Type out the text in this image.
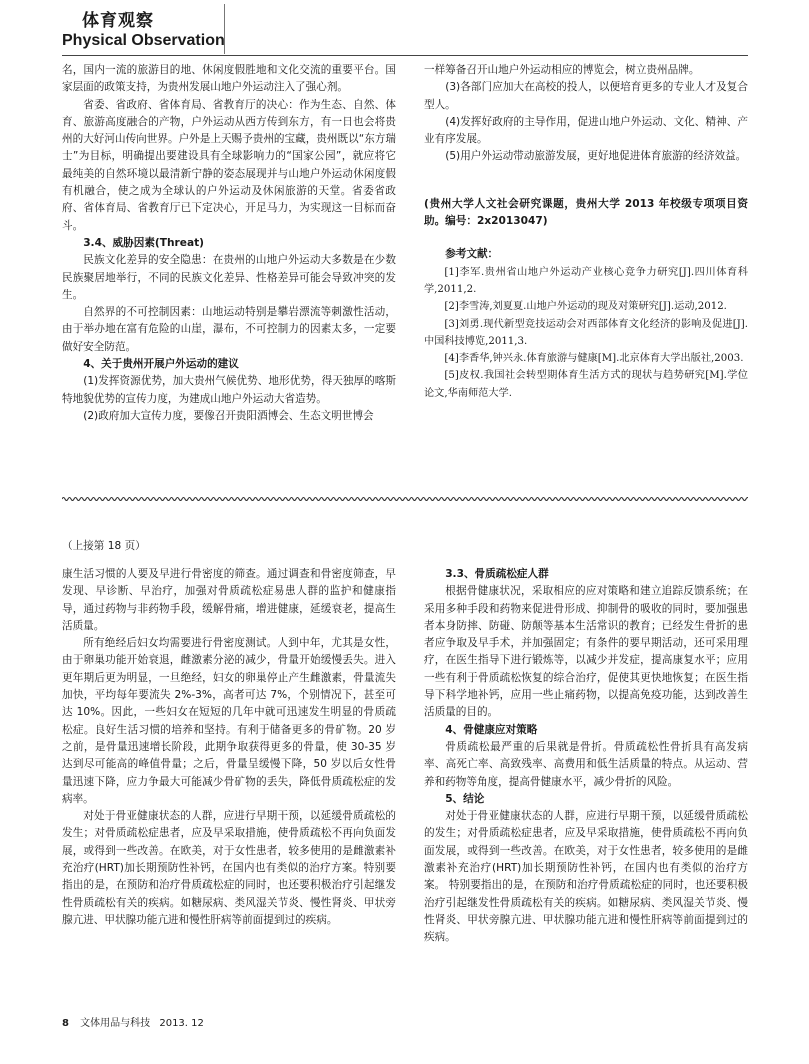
体育观察
Physical Observation

名，国内一流的旅游目的地、休闲度假胜地和文化交流的重要平台。国家层面的政策支持，为贵州发展山地户外运动注入了强心剂。

省委、省政府、省体育局、省教育厅的决心：作为生态、自然、体育、旅游高度融合的产物，户外运动从西方传到东方，有一日也会将贵州的大好河山传向世界。户外是上天赐予贵州的宝藏，贵州既以“东方瑞士”为目标，明确提出要建设具有全球影响力的“国家公园”，就应将它最纯美的自然环境以最清新宁静的姿态展现并与山地户外运动休闲度假有机融合，使之成为全球认的户外运动及休闲旅游的天堂。省委省政府、省体育局、省教育厅已下定决心，开足马力，为实现这一目标而奋斗。

3.4、威胁因素(Threat)

民族文化差异的安全隐患：在贵州的山地户外运动大多数是在少数民族聚居地举行，不同的民族文化差异、性格差异可能会导致冲突的发生。

自然界的不可控制因素：山地运动特别是攀岩漂流等刺激性活动，由于举办地在富有危险的山崖，瀑布，不可控制力的因素太多，一定要做好安全防范。

4、关于贵州开展户外运动的建议

(1)发挥资源优势，加大贵州气候优势、地形优势，得天独厚的喀斯特地貌优势的宣传力度，为建成山地户外运动大省造势。

(2)政府加大宣传力度，要像召开贵阳酒博会、生态文明世博会

一样筹备召开山地户外运动相应的博览会，树立贵州品牌。

(3)各部门应加大在高校的投人，以便培育更多的专业人才及复合型人。

(4)发挥好政府的主导作用，促进山地户外运动、文化、精神、产业有序发展。

(5)用户外运动带动旅游发展，更好地促进体育旅游的经济效益。

(贵州大学人文社会研究课题，贵州大学 2013 年校级专项项目资助。编号：2x2013047)

参考文献：

[1]李军.贵州省山地户外运动产业核心竞争力研究[J].四川体育科学,2011,2.

[2]李雪涛,刘夏夏.山地户外运动的现及对策研究[J].运动,2012.

[3]刘勇.现代新型竞技运动会对西部体育文化经济的影响及促进[J].中国科技博览,2011,3.

[4]李香华,钟兴永.体育旅游与健康[M].北京体育大学出版社,2003.

[5]皮权.我国社会转型期体育生活方式的现状与趋势研究[M].学位论文,华南师范大学.

（上接第 18 页）

康生活习惯的人要及早进行骨密度的筛查。通过调查和骨密度筛查，早发现、早诊断、早治疗，加强对骨质疏松症易患人群的监护和健康指导，通过药物与非药物手段，缓解骨痛，增进健康，延缓衰老，提高生活质量。

所有绝经后妇女均需要进行骨密度测试。人到中年，尤其是女性，由于卵巢功能开始衰退，雌激素分泌的减少，骨量开始缓慢丢失。进入更年期后更为明显，一旦绝经，妇女的卵巢停止产生雌激素，骨量流失加快，平均每年要流失 2%-3%，高者可达 7%，个别情况下，甚至可达 10%。因此，一些妇女在短短的几年中就可迅速发生明显的骨质疏松症。良好生活习惯的培养和坚持。有利于储备更多的骨矿物。20 岁之前，是骨量迅速增长阶段，此期争取获得更多的骨量，使 30-35 岁达到尽可能高的峰值骨量；之后，骨量呈缓慢下降，50 岁以后女性骨量迅速下降，应力争最大可能减少骨矿物的丢失，降低骨质疏松症的发病率。

对处于骨亚健康状态的人群，应进行早期干预，以延缓骨质疏松的发生；对骨质疏松症患者，应及早采取措施，使骨质疏松不再向负面发展，或得到一些改善。在欧美，对于女性患者，较多使用的是雌激素补充治疗(HRT)加长期预防性补钙，在国内也有类似的治疗方案。特别要指出的是，在预防和治疗骨质疏松症的同时，也还要积极治疗引起继发性骨质疏松有关的疾病。如糖尿病、类风湿关节炎、慢性肾炎、甲状旁腺亢进、甲状腺功能亢进和慢性肝病等前面提到过的疾病。

3.3、骨质疏松症人群

根据骨健康状况，采取相应的应对策略和建立追踪反馈系统；在采用多种手段和药物来促进骨形成、抑制骨的吸收的同时，要加强患者本身防摔、防碰、防颠等基本生活常识的教育；已经发生骨折的患者应争取及早手术，并加强固定；有条件的要早期活动，还可采用理疗，在医生指导下进行锻炼等，以减少并发症，提高康复水平；应用一些有利于骨质疏松恢复的综合治疗，促使其更快地恢复；在医生指导下科学地补钙，应用一些止痛药物，以提高免疫功能，达到改善生活质量的目的。

4、骨健康应对策略

骨质疏松最严重的后果就是骨折。骨质疏松性骨折具有高发病率、高死亡率、高致残率、高费用和低生活质量的特点。从运动、营养和药物等角度，提高骨健康水平，减少骨折的风险。

5、结论

对处于骨亚健康状态的人群，应进行早期干预，以延缓骨质疏松的发生；对骨质疏松症患者，应及早采取措施，使骨质疏松不再向负面发展，或得到一些改善。在欧美，对于女性患者，较多使用的是雌激素补充治疗(HRT)加长期预防性补钙，在国内也有类似的治疗方案。 特别要指出的是，在预防和治疗骨质疏松症的同时，也还要积极治疗引起继发性骨质疏松有关的疾病。如糖尿病、类风湿关节炎、慢性肾炎、甲状旁腺亢进、甲状腺功能亢进和慢性肝病等前面提到过的疾病。

8 文体用品与科技 2013. 12
